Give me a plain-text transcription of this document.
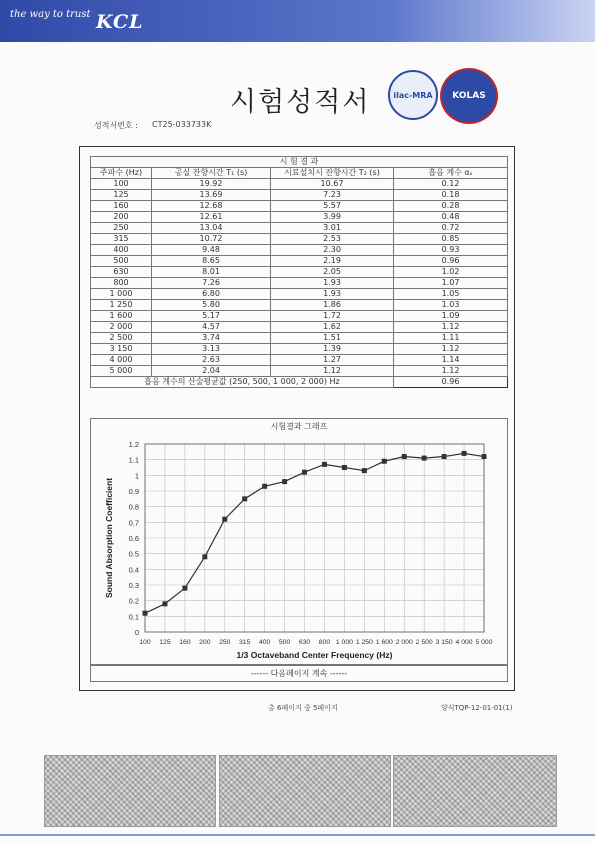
the way to trust KCL
시험성적서	ilac-MRA	KOLAS
성적서번호 : CT25-033733K
시 험 결 과			
주파수 (Hz)	공실 잔향시간 T₁ (s)	시료설치시 잔향시간 T₂ (s)	흡음 계수 αₛ
100	19.92	10.67	0.12
125	13.69	7.23	0.18
160	12.68	5.57	0.28
200	12.61	3.99	0.48
250	13.04	3.01	0.72
315	10.72	2.53	0.85
400	9.48	2.30	0.93
500	8.65	2.19	0.96
630	8.01	2.05	1.02
800	7.26	1.93	1.07
1 000	6.80	1.93	1.05
1 250	5.80	1.86	1.03
1 600	5.17	1.72	1.09
2 000	4.57	1.62	1.12
2 500	3.74	1.51	1.11
3 150	3.13	1.39	1.12
4 000	2.63	1.27	1.14
5 000	2.04	1.12	1.12
흡음 계수의 산술평균값 (250, 500, 1 000, 2 000) Hz			0.96
시험결과 그래프
0
0.1
0.2
0.3
0.4
0.5
0.6
0.7
0.8
0.9
1
1.1
1.2
100 125 160 200 250 315 400 500 630 800 1 000 1 250 1 600 2 000 2 500 3 150 4 000 5 000
1/3 Octaveband Center Frequency (Hz)
Sound Absorption Coefficient
------ 다음페이지 계속 ------
총 6페이지 중 5페이지	양식TQP-12-01-01(1)
